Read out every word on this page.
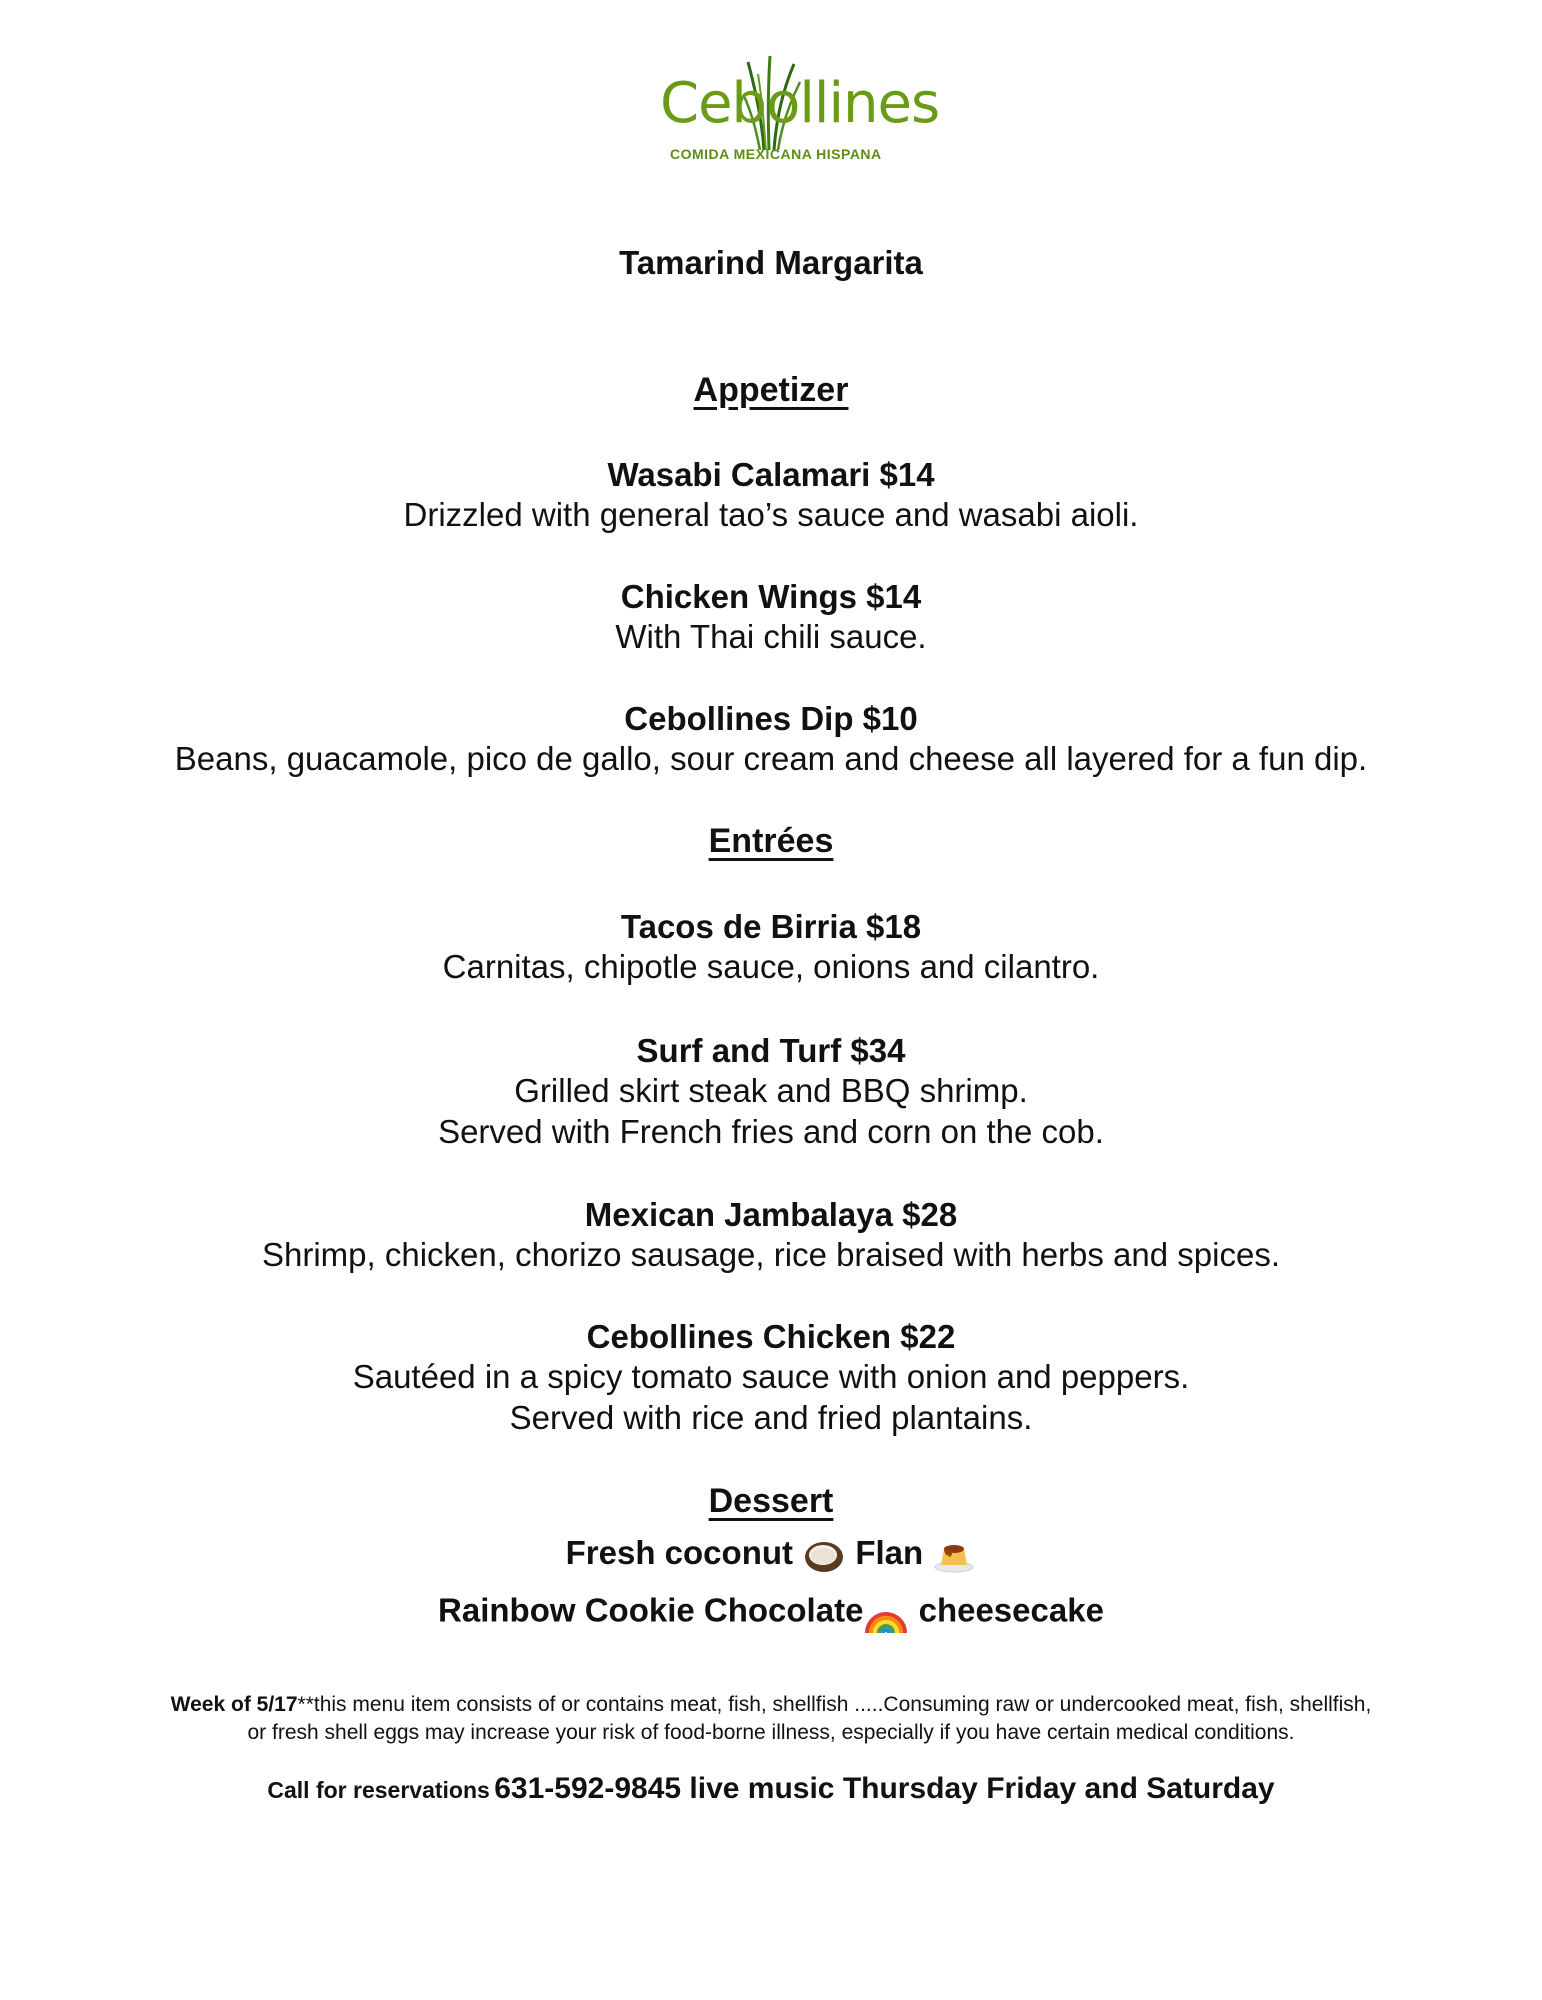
Cebollines
COMIDA MEXICANA HISPANA
Tamarind Margarita
Appetizer
Wasabi Calamari $14
Drizzled with general tao’s sauce and wasabi aioli.
Chicken Wings $14
With Thai chili sauce.
Cebollines Dip $10
Beans, guacamole, pico de gallo, sour cream and cheese all layered for a fun dip.
Entrées
Tacos de Birria $18
Carnitas, chipotle sauce, onions and cilantro.
Surf and Turf $34
Grilled skirt steak and BBQ shrimp.
Served with French fries and corn on the cob.
Mexican Jambalaya $28
Shrimp, chicken, chorizo sausage, rice braised with herbs and spices.
Cebollines Chicken $22
Sautéed in a spicy tomato sauce with onion and peppers.
Served with rice and fried plantains.
Dessert
Fresh coconut Flan
Rainbow Cookie Chocolate cheesecake
Week of 5/17**this menu item consists of or contains meat, fish, shellfish .....Consuming raw or undercooked meat, fish, shellfish,
or fresh shell eggs may increase your risk of food-borne illness, especially if you have certain medical conditions.
Call for reservations 631-592-9845 live music Thursday Friday and Saturday
